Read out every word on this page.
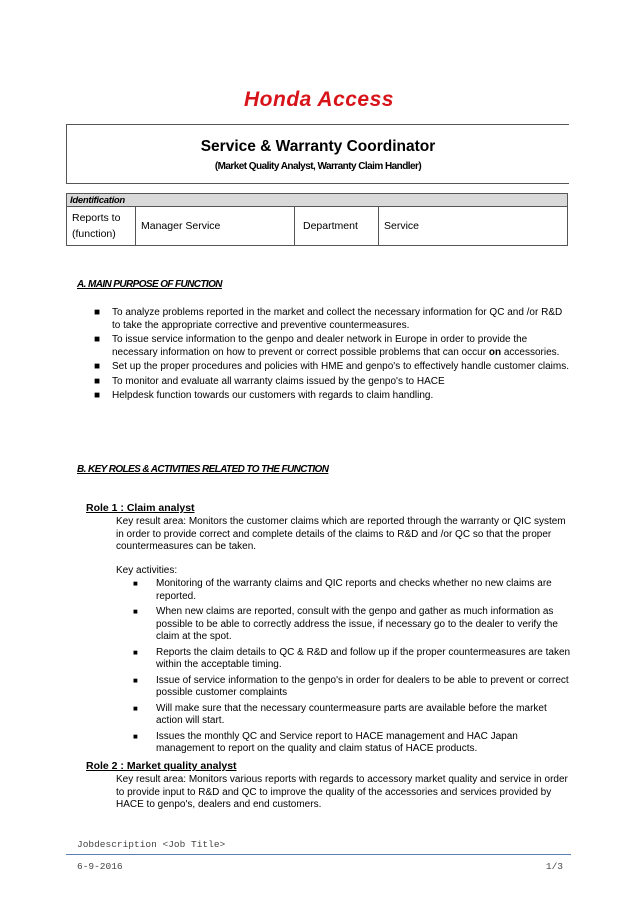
Honda Access
Service & Warranty Coordinator
(Market Quality Analyst, Warranty Claim Handler)
Identification
Reports to (function)	Manager Service	Department	Service
A. MAIN PURPOSE OF FUNCTION
■ To analyze problems reported in the market and collect the necessary information for QC and /or R&D to take the appropriate corrective and preventive countermeasures.
■ To issue service information to the genpo and dealer network in Europe in order to provide the necessary information on how to prevent or correct possible problems that can occur on accessories.
■ Set up the proper procedures and policies with HME and genpo's to effectively handle customer claims.
■ To monitor and evaluate all warranty claims issued by the genpo's to HACE
■ Helpdesk function towards our customers with regards to claim handling.
B. KEY ROLES & ACTIVITIES RELATED TO THE FUNCTION
Role 1 : Claim analyst
Key result area: Monitors the customer claims which are reported through the warranty or QIC system in order to provide correct and complete details of the claims to R&D and /or QC so that the proper countermeasures can be taken.
Key activities:
■ Monitoring of the warranty claims and QIC reports and checks whether no new claims are reported.
■ When new claims are reported, consult with the genpo and gather as much information as possible to be able to correctly address the issue, if necessary go to the dealer to verify the claim at the spot.
■ Reports the claim details to QC & R&D and follow up if the proper countermeasures are taken within the acceptable timing.
■ Issue of service information to the genpo's in order for dealers to be able to prevent or correct possible customer complaints
■ Will make sure that the necessary countermeasure parts are available before the market action will start.
■ Issues the monthly QC and Service report to HACE management and HAC Japan management to report on the quality and claim status of HACE products.
Role 2 : Market quality analyst
Key result area: Monitors various reports with regards to accessory market quality and service in order to provide input to R&D and QC to improve the quality of the accessories and services provided by HACE to genpo's, dealers and end customers.
Jobdescription <Job Title>
6-9-2016	1/3
